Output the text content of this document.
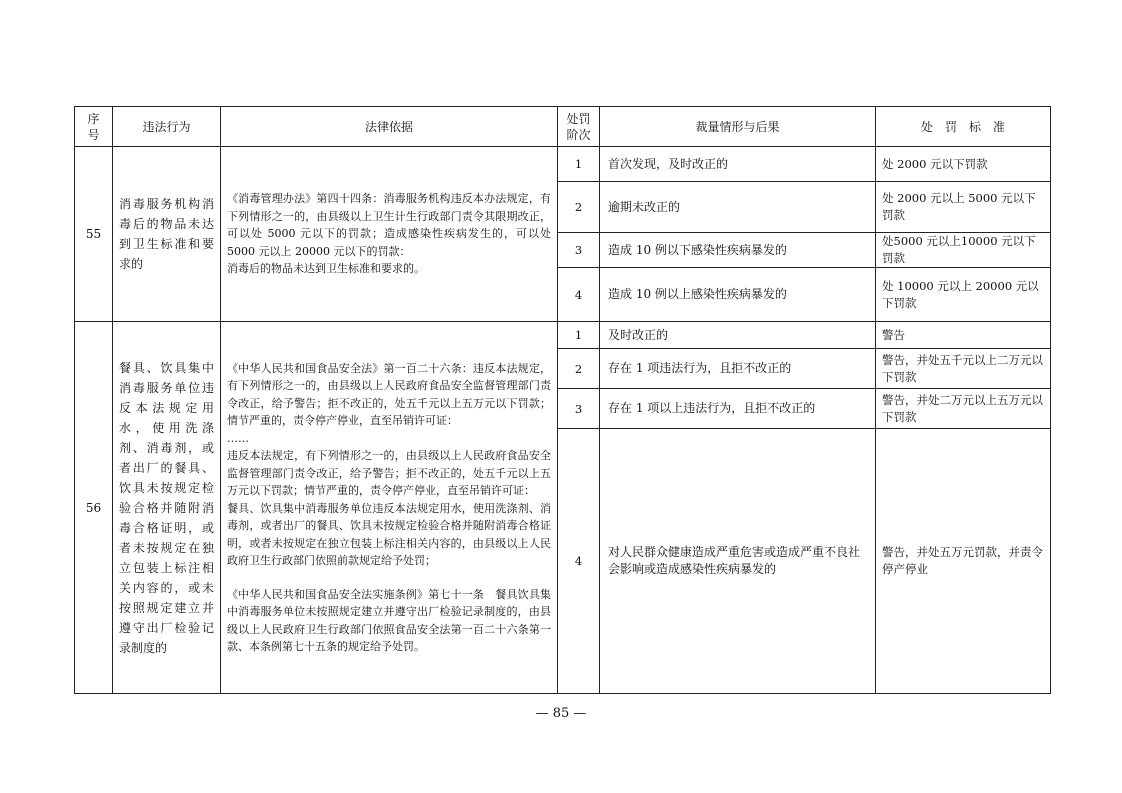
序号	违法行为	法律依据	处罚阶次	裁量情形与后果	处　罚　标　准
55	消毒服务机构消毒后的物品未达到卫生标准和要求的	《消毒管理办法》第四十四条：消毒服务机构违反本办法规定，有下列情形之一的，由县级以上卫生计生行政部门责令其限期改正，可以处 5000 元以下的罚款；造成感染性疾病发生的，可以处 5000 元以上 20000 元以下的罚款：

消毒后的物品未达到卫生标准和要求的。	1	首次发现，及时改正的	处 2000 元以下罚款
			2	逾期未改正的	处 2000 元以上 5000 元以下罚款
			3	造成 10 例以下感染性疾病暴发的	处5000 元以上10000 元以下罚款
			4	造成 10 例以上感染性疾病暴发的	处 10000 元以上 20000 元以下罚款
56	餐具、饮具集中消毒服务单位违反本法规定用水，使用洗涤剂、消毒剂，或者出厂的餐具、饮具未按规定检验合格并随附消毒合格证明，或者未按规定在独立包装上标注相关内容的，或未按照规定建立并遵守出厂检验记录制度的	《中华人民共和国食品安全法》第一百二十六条：违反本法规定，有下列情形之一的，由县级以上人民政府食品安全监督管理部门责令改正，给予警告；拒不改正的，处五千元以上五万元以下罚款；情节严重的，责令停产停业，直至吊销许可证：

……

违反本法规定，有下列情形之一的，由县级以上人民政府食品安全监督管理部门责令改正，给予警告；拒不改正的，处五千元以上五万元以下罚款；情节严重的，责令停产停业，直至吊销许可证：

餐具、饮具集中消毒服务单位违反本法规定用水，使用洗涤剂、消毒剂，或者出厂的餐具、饮具未按规定检验合格并随附消毒合格证明，或者未按规定在独立包装上标注相关内容的，由县级以上人民政府卫生行政部门依照前款规定给予处罚；

《中华人民共和国食品安全法实施条例》第七十一条　餐具饮具集中消毒服务单位未按照规定建立并遵守出厂检验记录制度的，由县级以上人民政府卫生行政部门依照食品安全法第一百二十六条第一款、本条例第七十五条的规定给予处罚。	1	及时改正的	警告
			2	存在 1 项违法行为，且拒不改正的	警告，并处五千元以上二万元以下罚款
			3	存在 1 项以上违法行为，且拒不改正的	警告，并处二万元以上五万元以下罚款
			4	对人民群众健康造成严重危害或造成严重不良社会影响或造成感染性疾病暴发的	警告，并处五万元罚款，并责令停产停业
— 85 —
